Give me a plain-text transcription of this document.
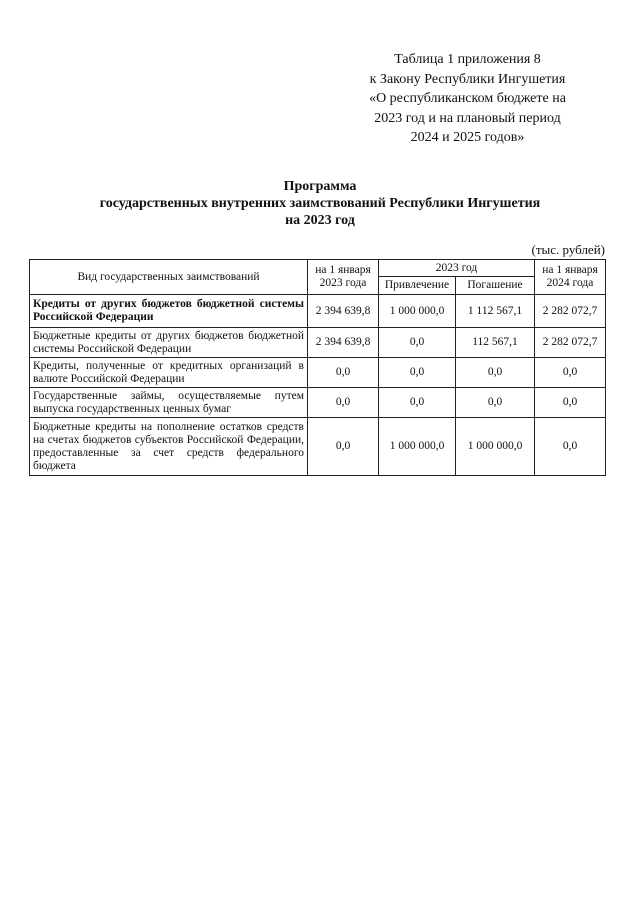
Таблица 1 приложения 8
к Закону Республики Ингушетия
«О республиканском бюджете на
2023 год и на плановый период
2024 и 2025 годов»
Программа
государственных внутренних заимствований Республики Ингушетия
на 2023 год
(тыс. рублей)
Вид государственных заимствований	на 1 января 2023 года	2023 год		на 1 января 2024 года
		Привлечение	Погашение	
Кредиты от других бюджетов бюджетной системы Российской Федерации	2 394 639,8	1 000 000,0	1 112 567,1	2 282 072,7
Бюджетные кредиты от других бюджетов бюджетной системы Российской Федерации	2 394 639,8	0,0	112 567,1	2 282 072,7
Кредиты, полученные от кредитных организаций в валюте Российской Федерации	0,0	0,0	0,0	0,0
Государственные займы, осуществляемые путем выпуска государственных ценных бумаг	0,0	0,0	0,0	0,0
Бюджетные кредиты на пополнение остатков средств на счетах бюджетов субъектов Российской Федерации, предоставленные за счет средств федерального бюджета	0,0	1 000 000,0	1 000 000,0	0,0
